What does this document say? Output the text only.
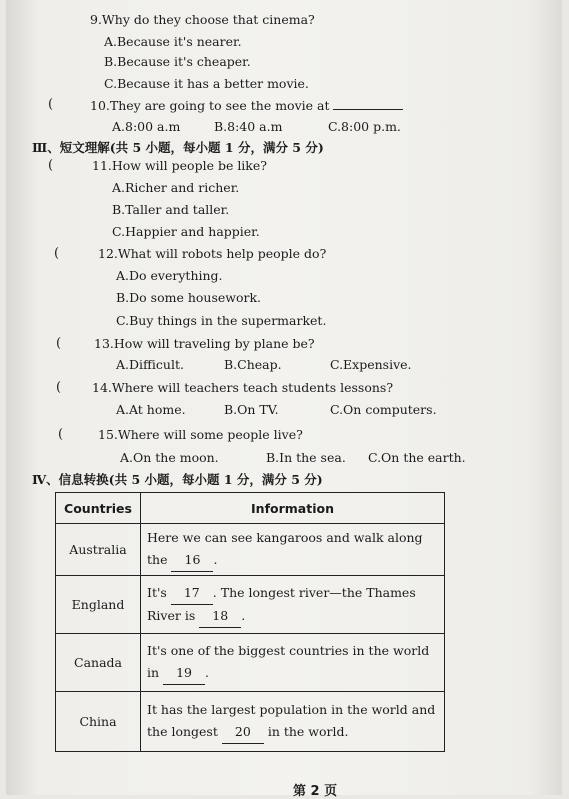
9.Why do they choose that cinema?
A.Because it's nearer.
B.Because it's cheaper.
C.Because it has a better movie.
(	10.They are going to see the movie at
A.8:00 a.m	B.8:40 a.m	C.8:00 p.m.
Ⅲ、短文理解(共 5 小题，每小题 1 分，满分 5 分)
(	11.How will people be like?
A.Richer and richer.
B.Taller and taller.
C.Happier and happier.
(	12.What will robots help people do?
A.Do everything.
B.Do some housework.
C.Buy things in the supermarket.
(	13.How will traveling by plane be?
A.Difficult.	B.Cheap.	C.Expensive.
( 14.Where will teachers teach students lessons?
A.At home.	B.On TV.	C.On computers.
(	15.Where will some people live?
A.On the moon.	B.In the sea. C.On the earth.
Ⅳ、信息转换(共 5 小题，每小题 1 分，满分 5 分)
Countries	Information
Australia	Here we can see kangaroos and walk along the 16 .
England	It's 17 . The longest river—the Thames River is 18 .
Canada	It's one of the biggest countries in the world in 19 .
China	It has the largest population in the world and the longest 20 in the world.
第 2 页
